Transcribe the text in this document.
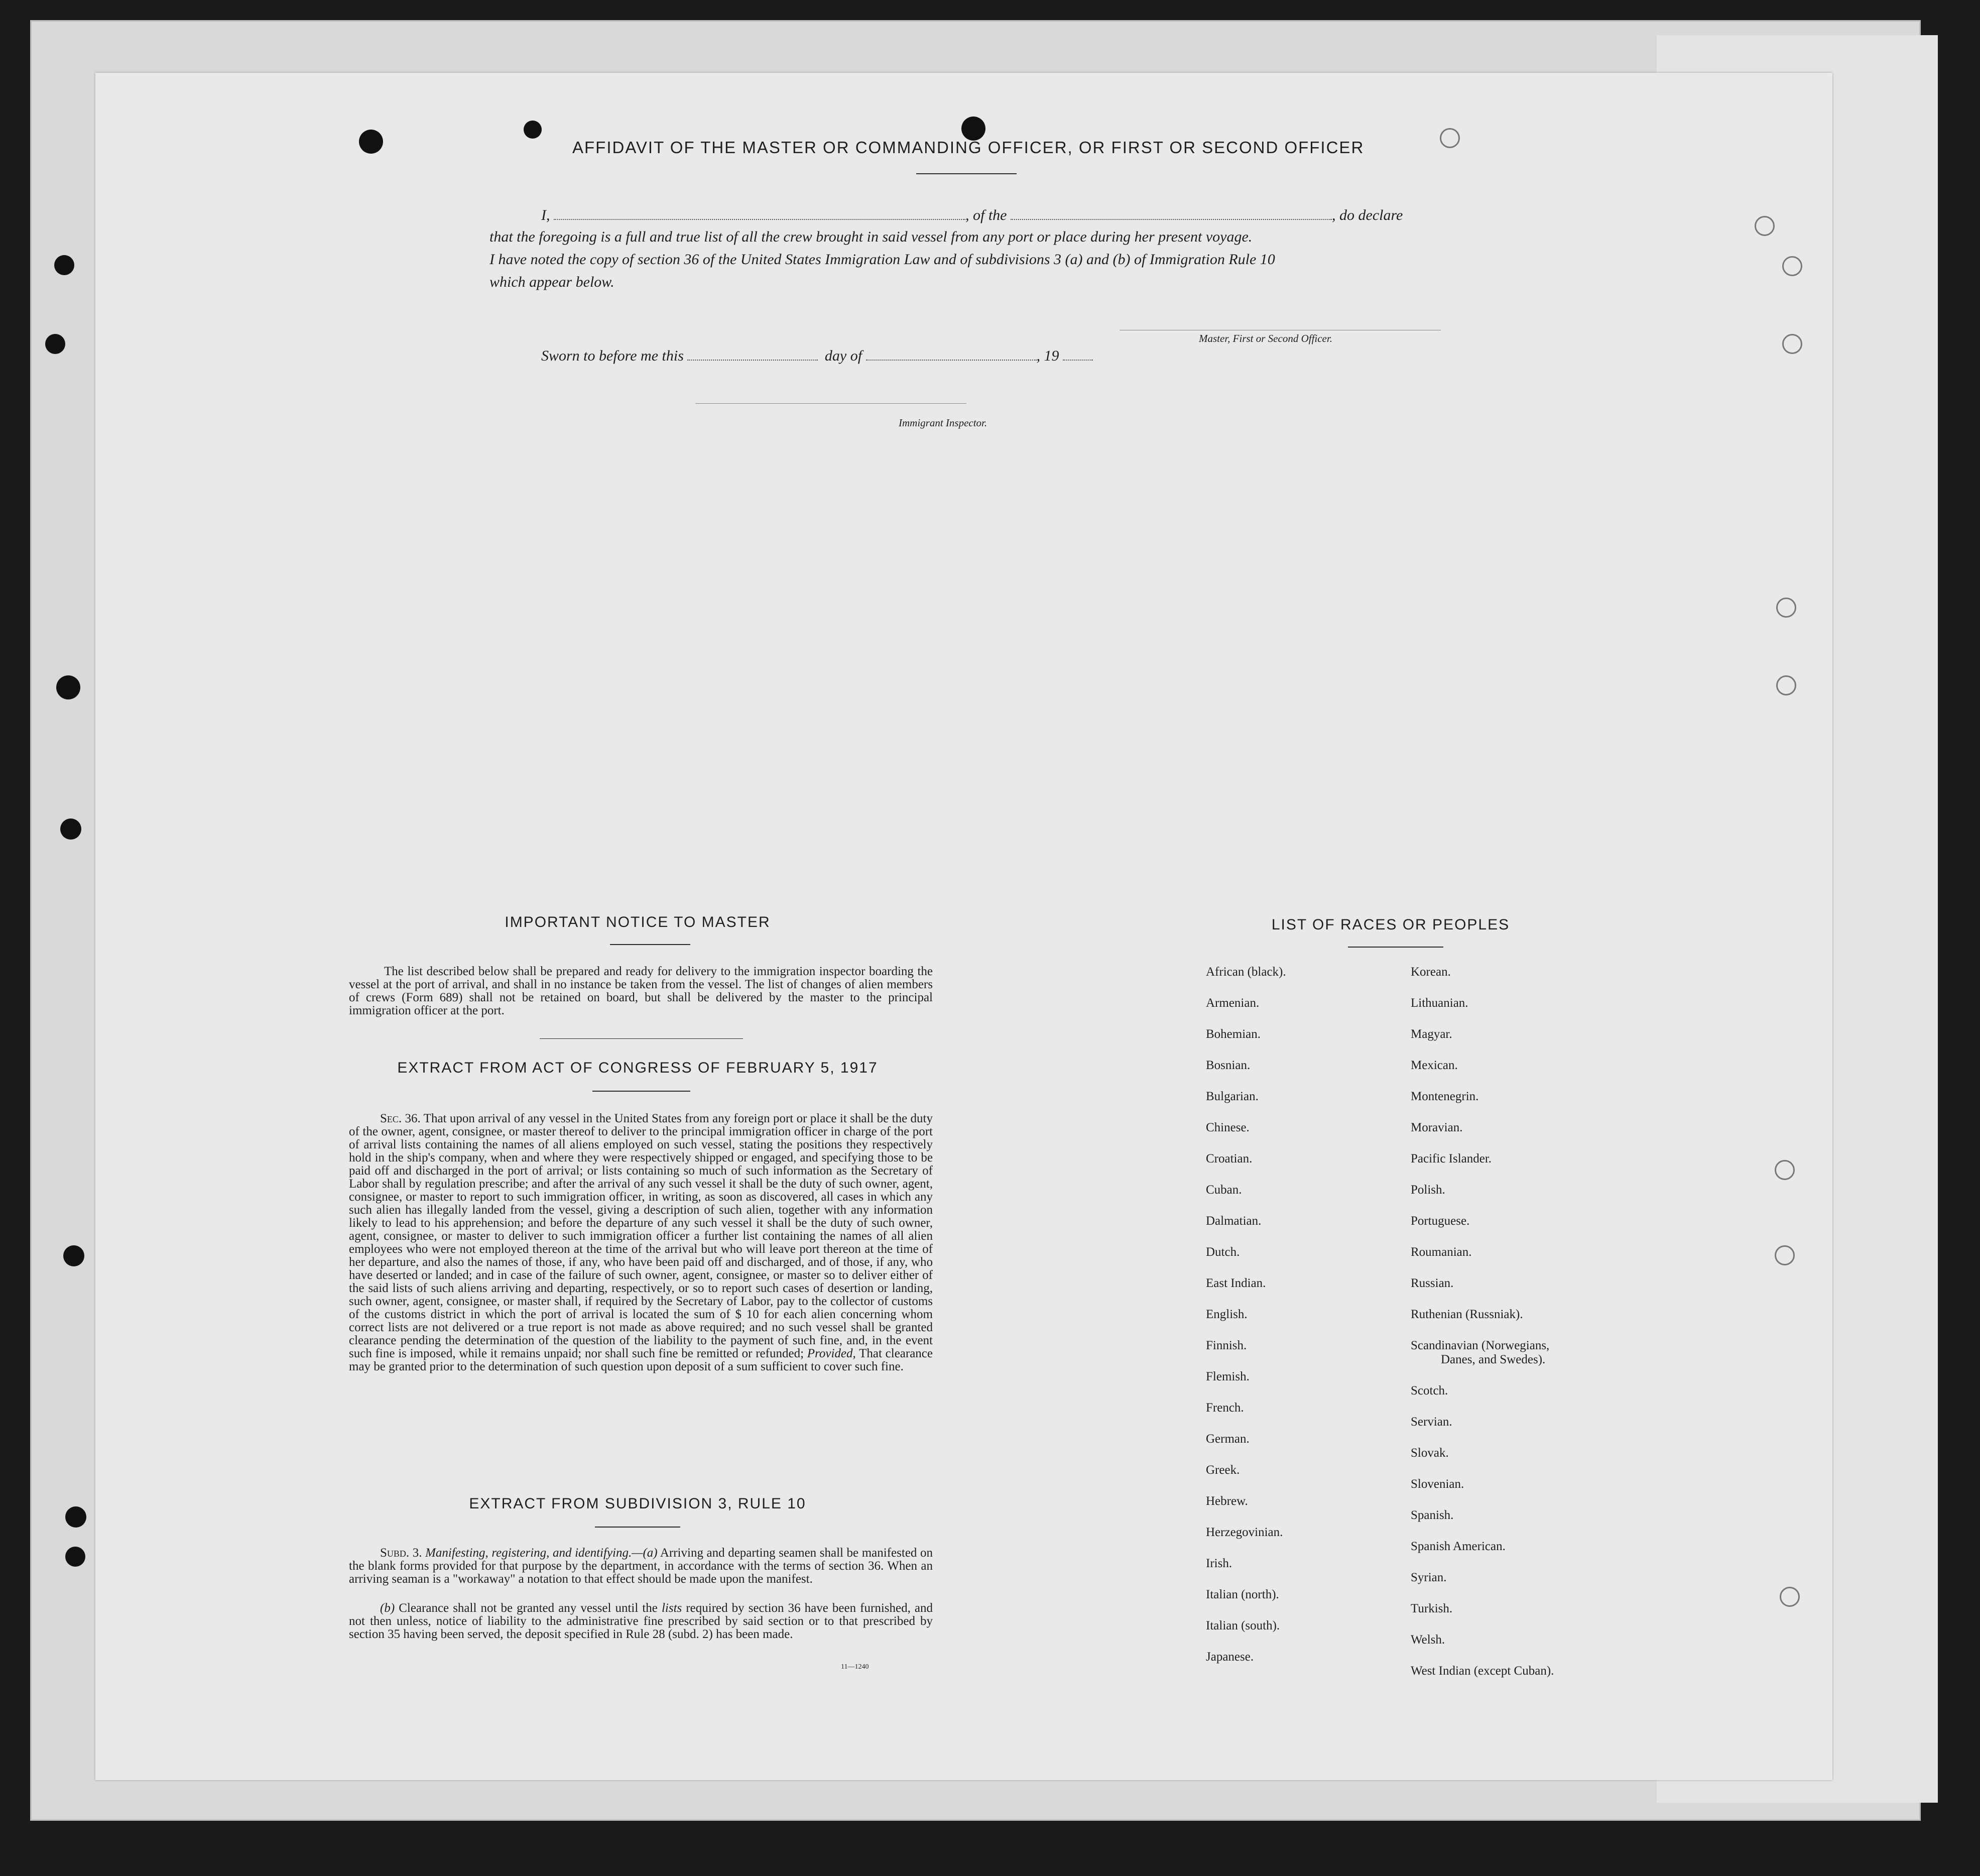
AFFIDAVIT OF THE MASTER OR COMMANDING OFFICER, OR FIRST OR SECOND OFFICER
I,	, of the	, do declare
that the foregoing is a full and true list of all the crew brought in said vessel from any port or place during her present voyage.
I have noted the copy of section 36 of the United States Immigration Law and of subdivisions 3 (a) and (b) of Immigration Rule 10
which appear below.
Master, First or Second Officer.
Sworn to before me this	day of	, 19
Immigrant Inspector.
IMPORTANT NOTICE TO MASTER
The list described below shall be prepared and ready for delivery to the immigration inspector boarding the vessel at the port of arrival, and shall in no instance be taken from the vessel. The list of changes of alien members of crews (Form 689) shall not be retained on board, but shall be delivered by the master to the principal immigration officer at the port.
EXTRACT FROM ACT OF CONGRESS OF FEBRUARY 5, 1917
Sec. 36. That upon arrival of any vessel in the United States from any foreign port or place it shall be the duty of the owner, agent, consignee, or master thereof to deliver to the principal immigration officer in charge of the port of arrival lists containing the names of all aliens employed on such vessel, stating the positions they respectively hold in the ship's company, when and where they were respectively shipped or engaged, and specifying those to be paid off and discharged in the port of arrival; or lists containing so much of such information as the Secretary of Labor shall by regulation prescribe; and after the arrival of any such vessel it shall be the duty of such owner, agent, consignee, or master to report to such immigration officer, in writing, as soon as discovered, all cases in which any such alien has illegally landed from the vessel, giving a description of such alien, together with any information likely to lead to his apprehension; and before the departure of any such vessel it shall be the duty of such owner, agent, consignee, or master to deliver to such immigration officer a further list containing the names of all alien employees who were not employed thereon at the time of the arrival but who will leave port thereon at the time of her departure, and also the names of those, if any, who have been paid off and discharged, and of those, if any, who have deserted or landed; and in case of the failure of such owner, agent, consignee, or master so to deliver either of the said lists of such aliens arriving and departing, respectively, or so to report such cases of desertion or landing, such owner, agent, consignee, or master shall, if required by the Secretary of Labor, pay to the collector of customs of the customs district in which the port of arrival is located the sum of $ 10 for each alien concerning whom correct lists are not delivered or a true report is not made as above required; and no such vessel shall be granted clearance pending the determination of the question of the liability to the payment of such fine, and, in the event such fine is imposed, while it remains unpaid; nor shall such fine be remitted or refunded; Provided, That clearance may be granted prior to the determination of such question upon deposit of a sum sufficient to cover such fine.
EXTRACT FROM SUBDIVISION 3, RULE 10
Subd. 3. Manifesting, registering, and identifying.—(a) Arriving and departing seamen shall be manifested on the blank forms provided for that purpose by the department, in accordance with the terms of section 36. When an arriving seaman is a "workaway" a notation to that effect should be made upon the manifest.
(b) Clearance shall not be granted any vessel until the lists required by section 36 have been furnished, and not then unless, notice of liability to the administrative fine prescribed by said section or to that prescribed by section 35 having been served, the deposit specified in Rule 28 (subd. 2) has been made.
11—1240
LIST OF RACES OR PEOPLES
African (black).
Armenian.
Bohemian.
Bosnian.
Bulgarian.
Chinese.
Croatian.
Cuban.
Dalmatian.
Dutch.
East Indian.
English.
Finnish.
Flemish.
French.
German.
Greek.
Hebrew.
Herzegovinian.
Irish.
Italian (north).
Italian (south).
Japanese.
Korean.
Lithuanian.
Magyar.
Mexican.
Montenegrin.
Moravian.
Pacific Islander.
Polish.
Portuguese.
Roumanian.
Russian.
Ruthenian (Russniak).
Scandinavian (Norwegians,
Danes, and Swedes).
Scotch.
Servian.
Slovak.
Slovenian.
Spanish.
Spanish American.
Syrian.
Turkish.
Welsh.
West Indian (except Cuban).
